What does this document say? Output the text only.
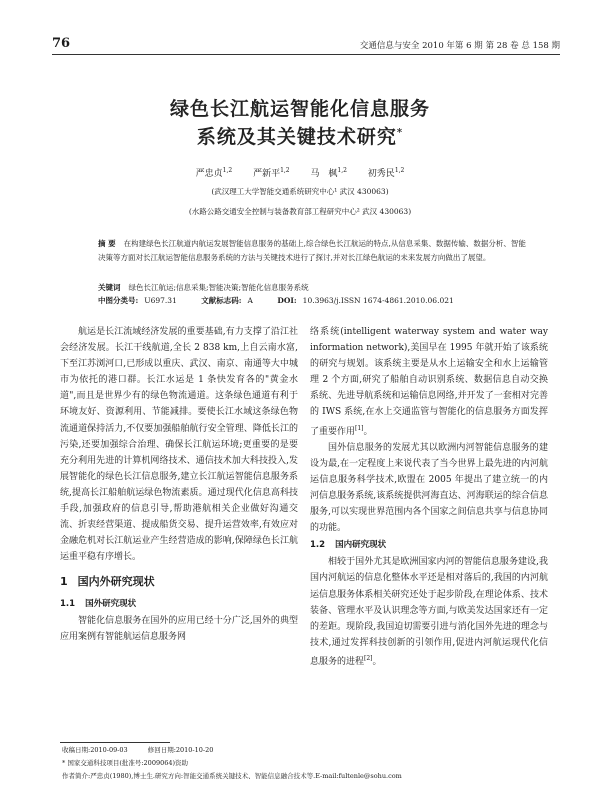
76	交通信息与安全 2010 年第 6 期 第 28 卷 总 158 期
绿色长江航运智能化信息服务
系统及其关键技术研究*
严忠贞$^{1,2}$ 严新平$^{1,2}$ 马 枫$^{1,2}$ 初秀民$^{1,2}$
(武汉理工大学智能交通系统研究中心¹ 武汉 430063)
(水路公路交通安全控制与装备教育部工程研究中心² 武汉 430063)
摘 要 在构建绿色长江航道内航运发展智能信息服务的基础上,综合绿色长江航运的特点,从信息采集、数据传输、数据分析、智能决策等方面对长江航运智能信息服务系统的方法与关键技术进行了探讨,并对长江绿色航运的未来发展方向做出了展望。
关键词 绿色长江航运;信息采集;智能决策;智能化信息服务系统
中图分类号: U697.31	文献标志码: A	DOI: 10.3963/j.ISSN 1674-4861.2010.06.021

航运是长江流域经济发展的重要基础,有力支撑了沿江社会经济发展。长江干线航道,全长 2 838 km,上自云南水富,下至江苏浏河口,已形成以重庆、武汉、南京、南通等大中城市为依托的港口群。长江水运是 1 条快发育各的"黄金水道",而且是世界少有的绿色物流通道。这条绿色通道有利于环境友好、资源利用、节能减排。要使长江水域这条绿色物流通道保持活力,不仅要加强船舶航行安全管理、降低长江的污染,还要加强综合治理、确保长江航运环境;更重要的是要充分利用先进的计算机网络技术、通信技术加大科技投入,发展智能化的绿色长江信息服务,建立长江航运智能信息服务系统,提高长江船舶航运绿色物流素质。通过现代化信息高科技手段,加强政府的信息引导,帮助港航相关企业做好沟通交流、折衷经营渠道、提成船货交易、提升运营效率,有效应对金融危机对长江航运业产生经营造成的影响,保障绿色长江航运重平稳有序增长。

1 国内外研究现状
1.1 国外研究现状

智能化信息服务在国外的应用已经十分广泛,国外的典型应用案例有智能航运信息服务网

络系统(intelligent waterway system and water way information network),美国早在 1995 年就开始了该系统的研究与规划。该系统主要是从水上运输安全和水上运输管理 2 个方面,研究了船舶自动识别系统、数据信息自动交换系统、先进导航系统和运输信息网络,并开发了一套相对完善的 IWS 系统,在水上交通监管与智能化的信息服务方面发挥了重要作用[1]。

国外信息服务的发展尤其以欧洲内河智能信息服务的建设为最,在一定程度上来说代表了当今世界上最先进的内河航运信息服务科学技术,欧盟在 2005 年提出了建立统一的内河信息服务系统,该系统提供河海直达、河海联运的综合信息服务,可以实现世界范围内各个国家之间信息共享与信息协同的功能。

1.2 国内研究现状

相较于国外尤其是欧洲国家内河的智能信息服务建设,我国内河航运的信息化整体水平还是相对落后的,我国的内河航运信息服务体系相关研究还处于起步阶段,在理论体系、技术装备、管理水平及认识理念等方面,与欧美发达国家还有一定的差距。现阶段,我国迫切需要引进与消化国外先进的理念与技术,通过发挥科技创新的引领作用,促进内河航运现代化信息服务的进程[2]。

收稿日期:2010-09-03	修回日期:2010-10-20
* 国家交通科技项目(批准号:2009064)资助
作者简介:严忠贞(1980),博士生.研究方向:智能交通系统关键技术、智能信息融合技术等.E-mail:fultenle@sohu.com
